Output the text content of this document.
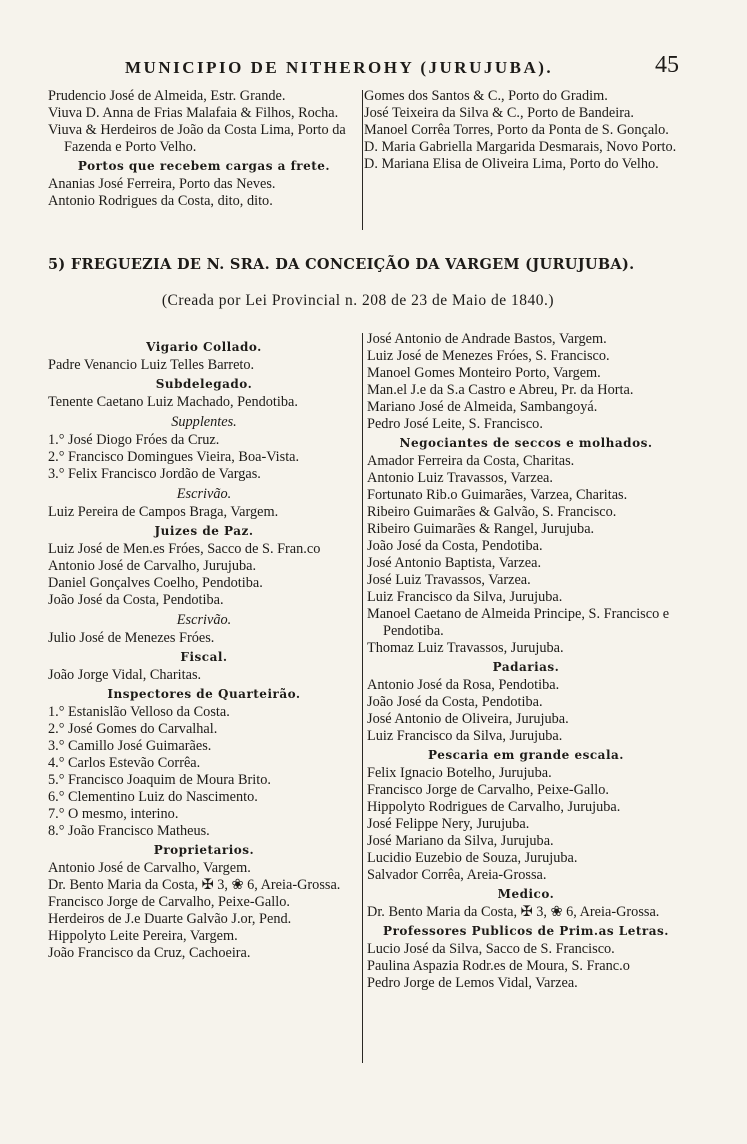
MUNICIPIO DE NITHEROHY (JURUJUBA).	45

Prudencio José de Almeida, Estr. Grande.

Viuva D. Anna de Frias Malafaia & Filhos, Rocha.

Viuva & Herdeiros de João da Costa Lima, Porto da Fazenda e Porto Velho.

Portos que recebem cargas a frete.

Ananias José Ferreira, Porto das Neves.

Antonio Rodrigues da Costa, dito, dito.

Gomes dos Santos & C., Porto do Gradim.

José Teixeira da Silva & C., Porto de Bandeira.

Manoel Corrêa Torres, Porto da Ponta de S. Gonçalo.

D. Maria Gabriella Margarida Desmarais, Novo Porto.

D. Mariana Elisa de Oliveira Lima, Porto do Velho.

5) FREGUEZIA DE N. SRA. DA CONCEIÇÃO DA VARGEM (JURUJUBA).
(Creada por Lei Provincial n. 208 de 23 de Maio de 1840.)

Vigario Collado.

Padre Venancio Luiz Telles Barreto.

Subdelegado.

Tenente Caetano Luiz Machado, Pendotiba.

Supplentes.

1.° José Diogo Fróes da Cruz.

2.° Francisco Domingues Vieira, Boa-Vista.

3.° Felix Francisco Jordão de Vargas.

Escrivão.

Luiz Pereira de Campos Braga, Vargem.

Juizes de Paz.

Luiz José de Men.es Fróes, Sacco de S. Fran.co

Antonio José de Carvalho, Jurujuba.

Daniel Gonçalves Coelho, Pendotiba.

João José da Costa, Pendotiba.

Escrivão.

Julio José de Menezes Fróes.

Fiscal.

João Jorge Vidal, Charitas.

Inspectores de Quarteirão.

1.° Estanislão Velloso da Costa.

2.° José Gomes do Carvalhal.

3.° Camillo José Guimarães.

4.° Carlos Estevão Corrêa.

5.° Francisco Joaquim de Moura Brito.

6.° Clementino Luiz do Nascimento.

7.° O mesmo, interino.

8.° João Francisco Matheus.

Proprietarios.

Antonio José de Carvalho, Vargem.

Dr. Bento Maria da Costa, ✠ 3, ❀ 6, Areia-Grossa.

Francisco Jorge de Carvalho, Peixe-Gallo.

Herdeiros de J.e Duarte Galvão J.or, Pend.

Hippolyto Leite Pereira, Vargem.

João Francisco da Cruz, Cachoeira.

José Antonio de Andrade Bastos, Vargem.

Luiz José de Menezes Fróes, S. Francisco.

Manoel Gomes Monteiro Porto, Vargem.

Man.el J.e da S.a Castro e Abreu, Pr. da Horta.

Mariano José de Almeida, Sambangoyá.

Pedro José Leite, S. Francisco.

Negociantes de seccos e molhados.

Amador Ferreira da Costa, Charitas.

Antonio Luiz Travassos, Varzea.

Fortunato Rib.o Guimarães, Varzea, Charitas.

Ribeiro Guimarães & Galvão, S. Francisco.

Ribeiro Guimarães & Rangel, Jurujuba.

João José da Costa, Pendotiba.

José Antonio Baptista, Varzea.

José Luiz Travassos, Varzea.

Luiz Francisco da Silva, Jurujuba.

Manoel Caetano de Almeida Principe, S. Francisco e Pendotiba.

Thomaz Luiz Travassos, Jurujuba.

Padarias.

Antonio José da Rosa, Pendotiba.

João José da Costa, Pendotiba.

José Antonio de Oliveira, Jurujuba.

Luiz Francisco da Silva, Jurujuba.

Pescaria em grande escala.

Felix Ignacio Botelho, Jurujuba.

Francisco Jorge de Carvalho, Peixe-Gallo.

Hippolyto Rodrigues de Carvalho, Jurujuba.

José Felippe Nery, Jurujuba.

José Mariano da Silva, Jurujuba.

Lucidio Euzebio de Souza, Jurujuba.

Salvador Corrêa, Areia-Grossa.

Medico.

Dr. Bento Maria da Costa, ✠ 3, ❀ 6, Areia-Grossa.

Professores Publicos de Prim.as Letras.

Lucio José da Silva, Sacco de S. Francisco.

Paulina Aspazia Rodr.es de Moura, S. Franc.o

Pedro Jorge de Lemos Vidal, Varzea.
